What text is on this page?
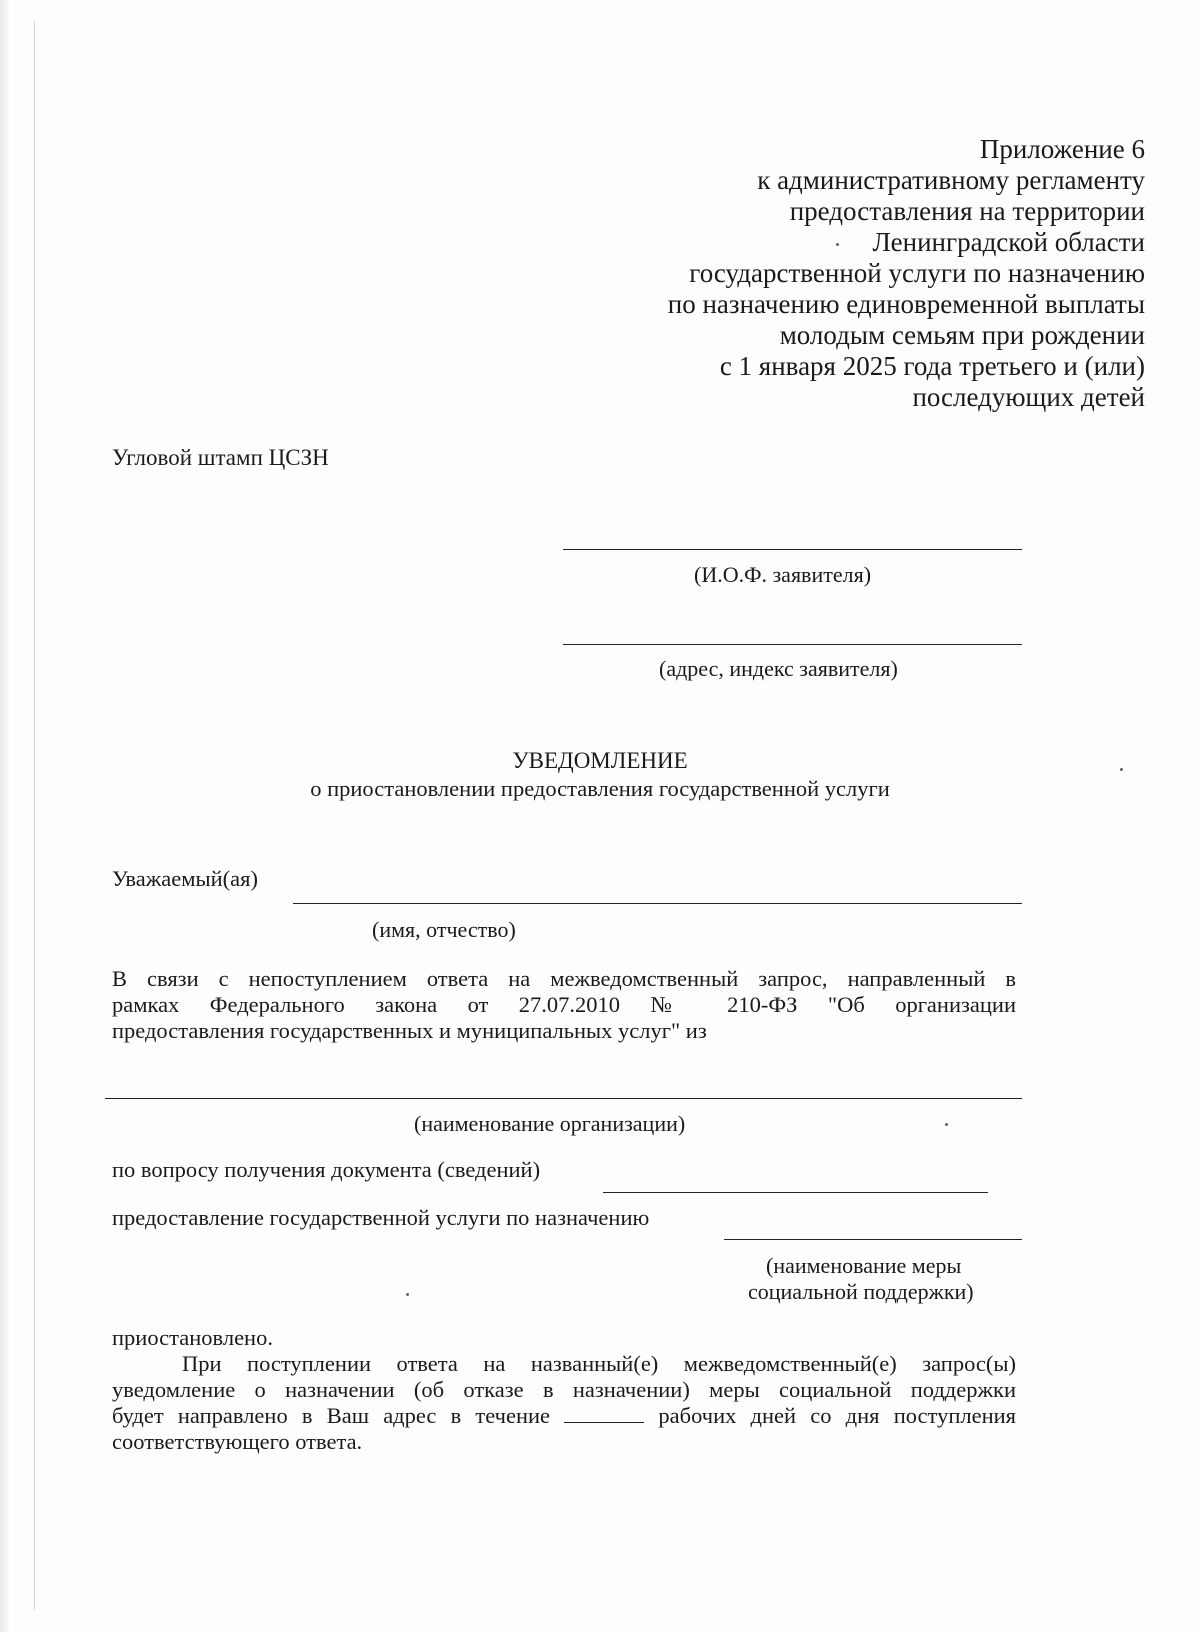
Приложение 6
к административному регламенту
предоставления на территории
Ленинградской области
государственной услуги по назначению
по назначению единовременной выплаты
молодым семьям при рождении
с 1 января 2025 года третьего и (или)
последующих детей
Угловой штамп ЦСЗН
(И.О.Ф. заявителя)
(адрес, индекс заявителя)
УВЕДОМЛЕНИЕ
о приостановлении предоставления государственной услуги
Уважаемый(ая)
(имя, отчество)
В связи с непоступлением ответа на межведомственный запрос, направленный в
рамках Федерального закона от 27.07.2010 № 210-ФЗ "Об организации
предоставления государственных и муниципальных услуг" из
(наименование организации)
по вопросу получения документа (сведений)
предоставление государственной услуги по назначению
(наименование меры
социальной поддержки)
приостановлено.
При поступлении ответа на названный(е) межведомственный(е) запрос(ы)
уведомление о назначении (об отказе в назначении) меры социальной поддержки
будет направлено в Ваш адрес в течение	рабочих дней со дня поступления
соответствующего ответа.
